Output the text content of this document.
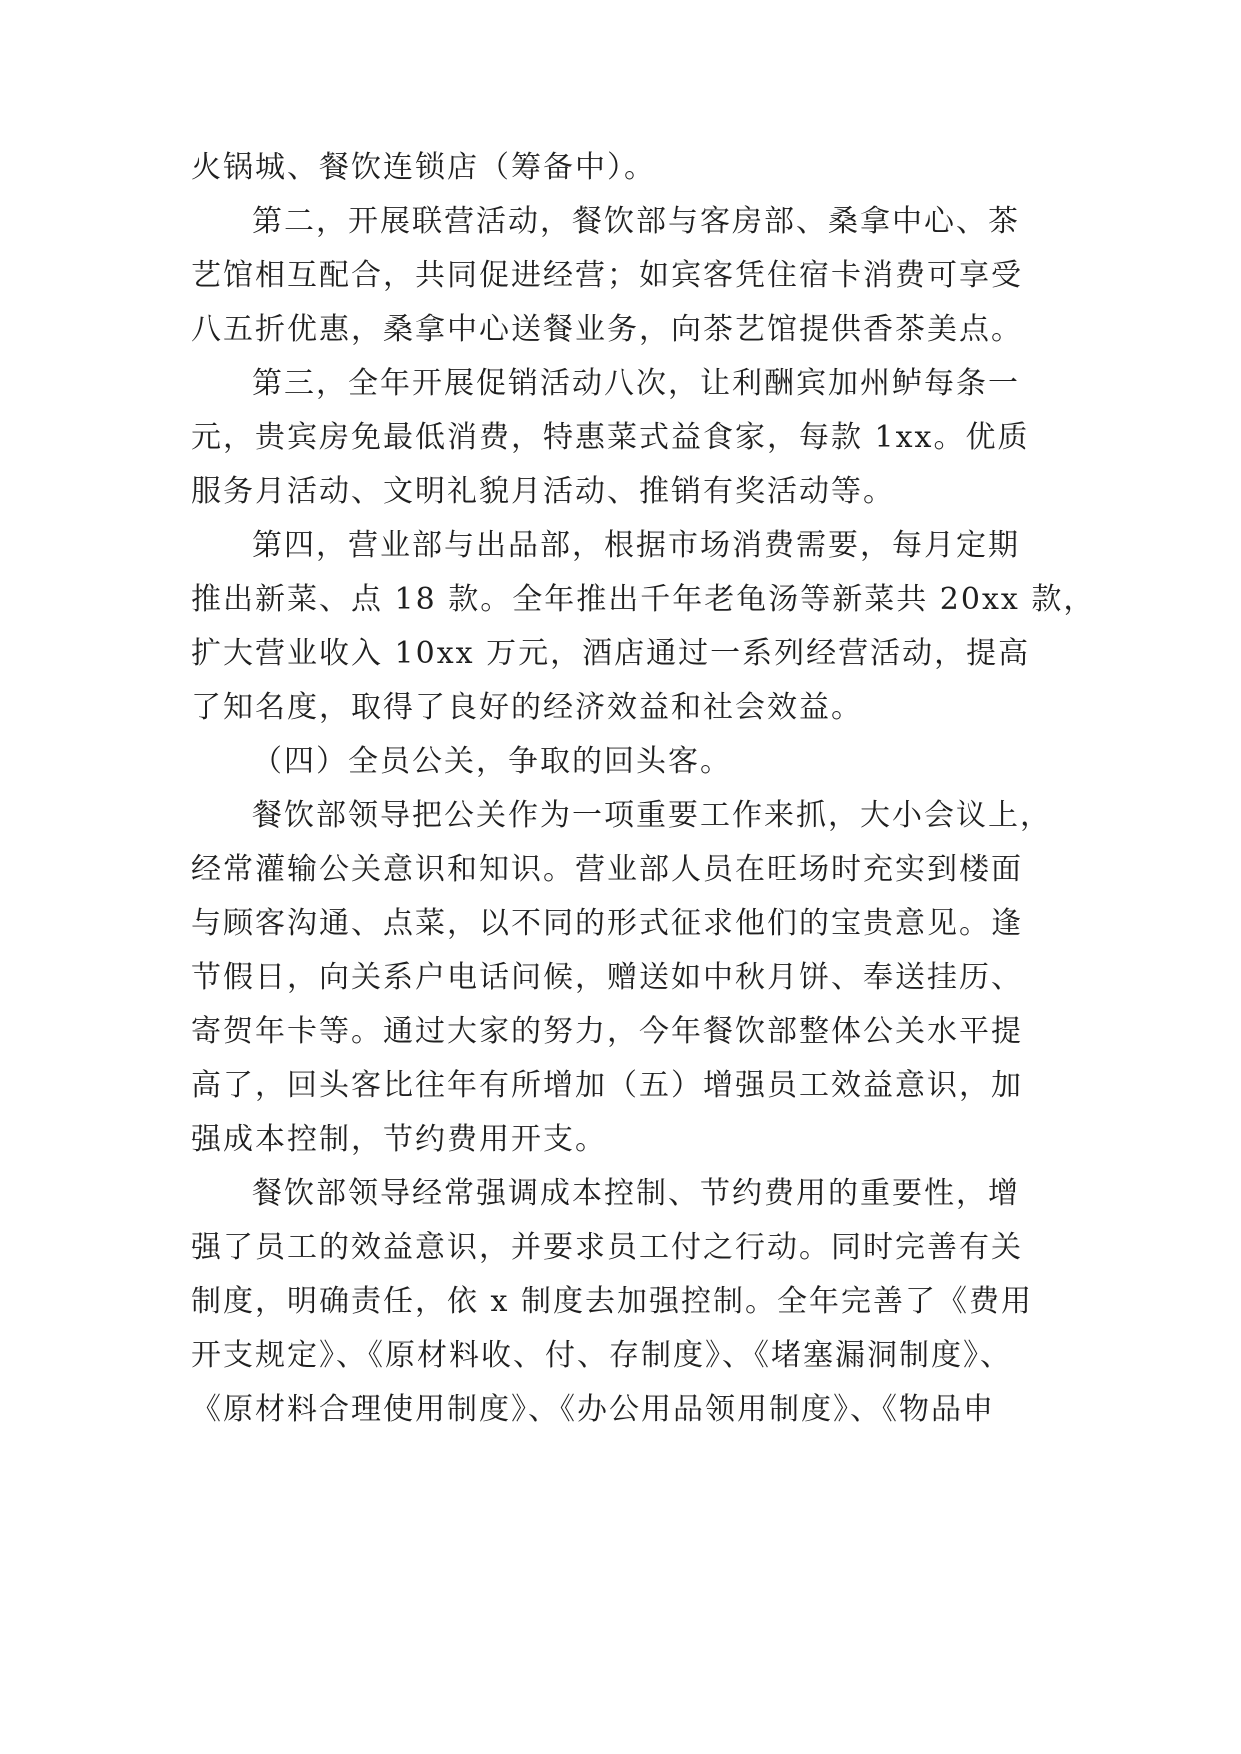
火锅城、餐饮连锁店（筹备中）。
第二，开展联营活动，餐饮部与客房部、桑拿中心、茶
艺馆相互配合，共同促进经营；如宾客凭住宿卡消费可享受
八五折优惠，桑拿中心送餐业务，向茶艺馆提供香茶美点。
第三，全年开展促销活动八次，让利酬宾加州鲈每条一
元，贵宾房免最低消费，特惠菜式益食家，每款 1xx。优质
服务月活动、文明礼貌月活动、推销有奖活动等。
第四，营业部与出品部，根据市场消费需要，每月定期
推出新菜、点 18 款。全年推出千年老龟汤等新菜共 20xx 款，
扩大营业收入 10xx 万元，酒店通过一系列经营活动，提高
了知名度，取得了良好的经济效益和社会效益。
（四）全员公关，争取的回头客。
餐饮部领导把公关作为一项重要工作来抓，大小会议上，
经常灌输公关意识和知识。营业部人员在旺场时充实到楼面
与顾客沟通、点菜，以不同的形式征求他们的宝贵意见。逢
节假日，向关系户电话问候，赠送如中秋月饼、奉送挂历、
寄贺年卡等。通过大家的努力，今年餐饮部整体公关水平提
高了，回头客比往年有所增加（五）增强员工效益意识，加
强成本控制，节约费用开支。
餐饮部领导经常强调成本控制、节约费用的重要性，增
强了员工的效益意识，并要求员工付之行动。同时完善有关
制度，明确责任，依 x 制度去加强控制。全年完善了《费用
开支规定》、《原材料收、付、存制度》、《堵塞漏洞制度》、
《原材料合理使用制度》、《办公用品领用制度》、《物品申
